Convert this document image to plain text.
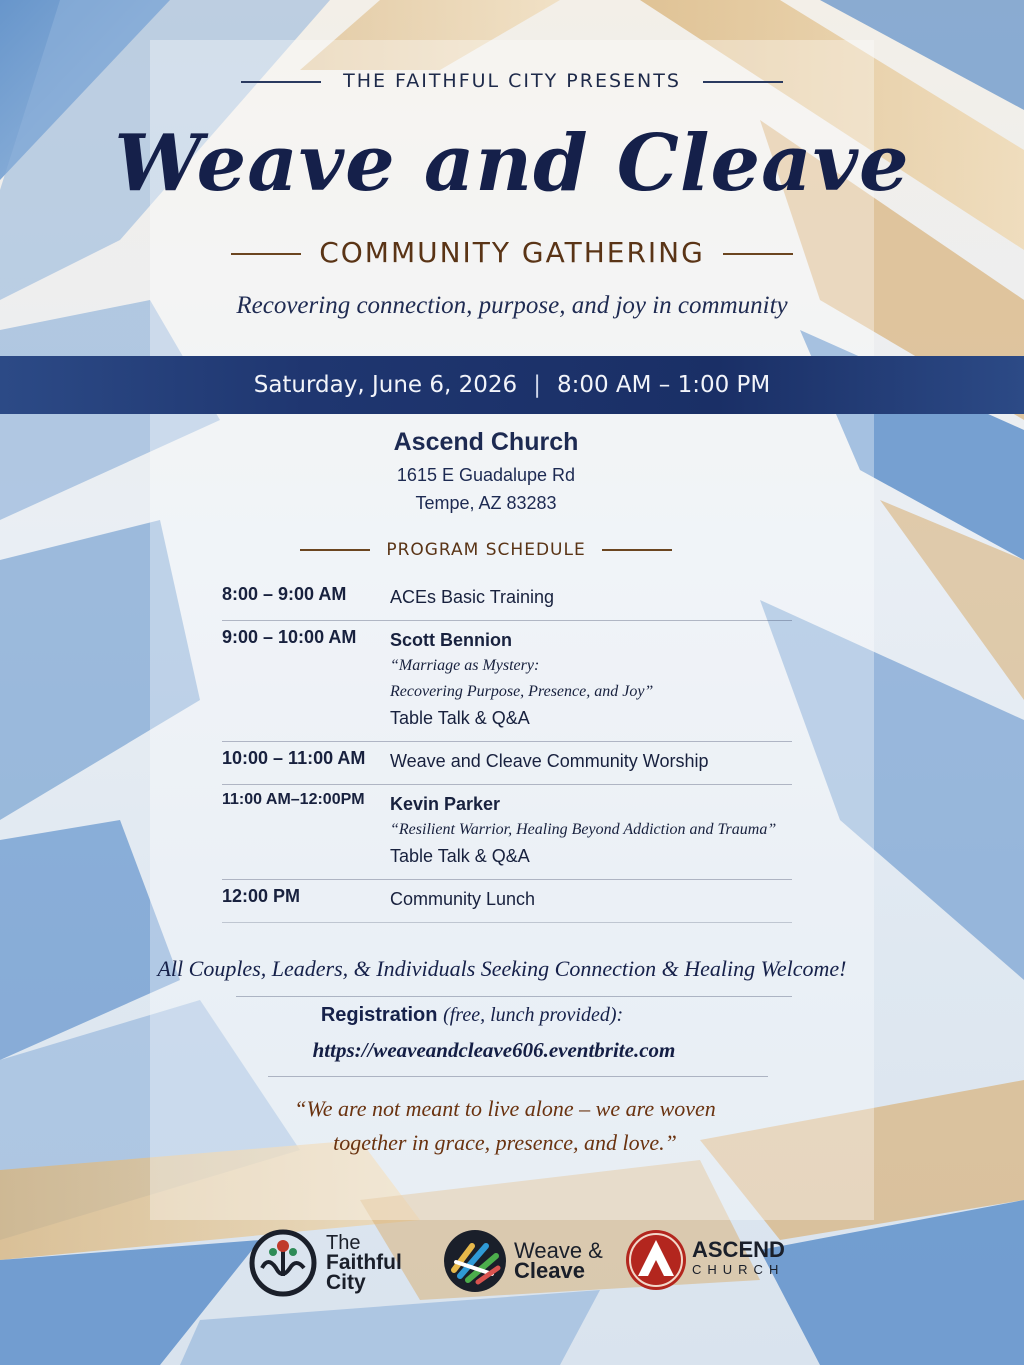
THE FAITHFUL CITY PRESENTS
Weave and Cleave
COMMUNITY GATHERING
Recovering connection, purpose, and joy in community
Saturday, June 6, 2026 | 8:00 AM – 1:00 PM
Ascend Church
1615 E Guadalupe Rd
Tempe, AZ 83283
PROGRAM SCHEDULE
8:00 – 9:00 AM	ACEs Basic Training
9:00 – 10:00 AM	Scott Bennion
“Marriage as Mystery:
Recovering Purpose, Presence, and Joy”
Table Talk & Q&A
10:00 – 11:00 AM	Weave and Cleave Community Worship
11:00 AM–12:00PM	Kevin Parker
“Resilient Warrior, Healing Beyond Addiction and Trauma”
Table Talk & Q&A
12:00 PM	Community Lunch
All Couples, Leaders, & Individuals Seeking Connection & Healing Welcome!
Registration (free, lunch provided):
https://weaveandcleave606.eventbrite.com
“We are not meant to live alone – we are woven
together in grace, presence, and love.”
The
Faithful
City
Weave &
Cleave
ASCEND
CHURCH
